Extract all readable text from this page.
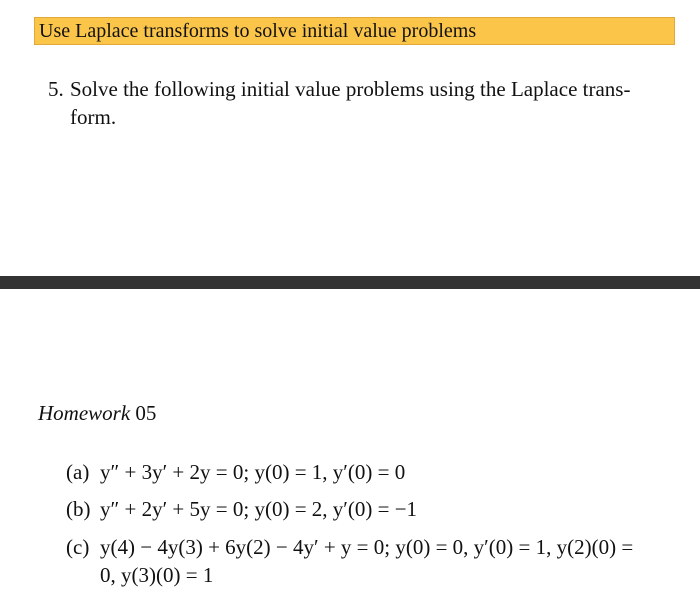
Use Laplace transforms to solve initial value problems
5. Solve the following initial value problems using the Laplace trans-
form.
Homework 05
(a) y″ + 3y′ + 2y = 0; y(0) = 1, y′(0) = 0
(b) y″ + 2y′ + 5y = 0; y(0) = 2, y′(0) = −1
(c) y(4) − 4y(3) + 6y(2) − 4y′ + y = 0; y(0) = 0, y′(0) = 1, y(2)(0) =
0, y(3)(0) = 1
